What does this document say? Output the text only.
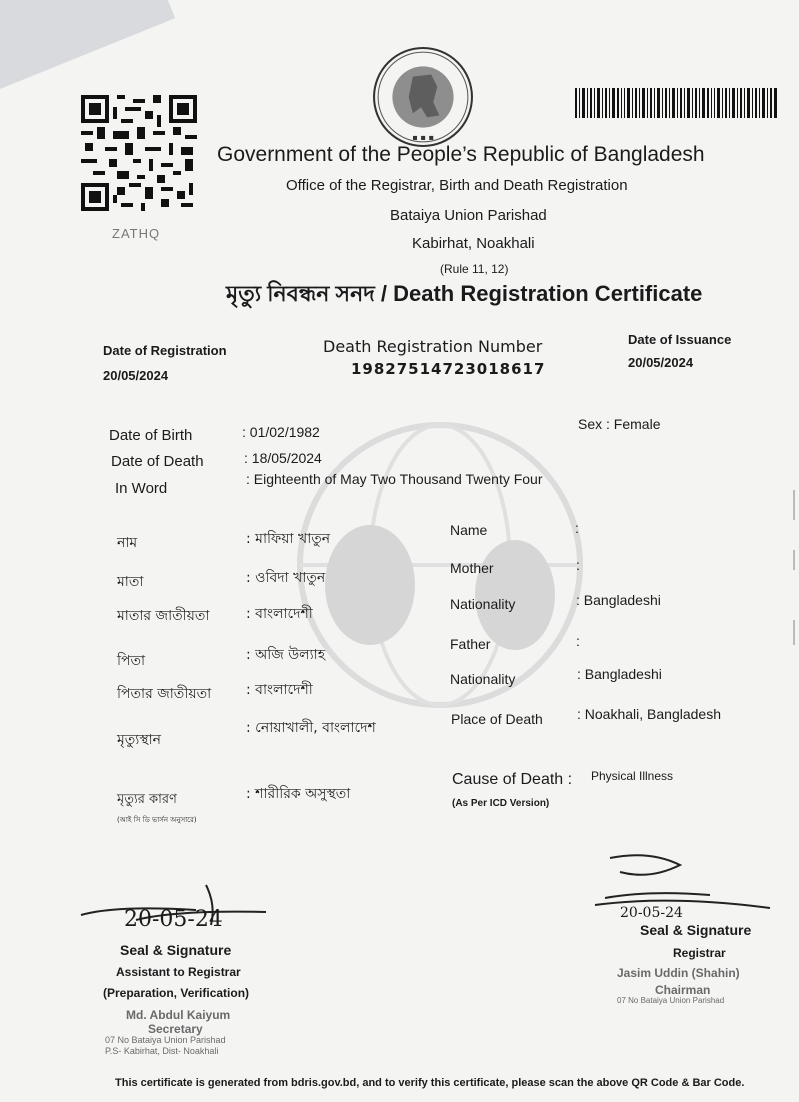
ZATHQ
▪ ▪ ▪
Government of the People’s Republic of Bangladesh
Office of the Registrar, Birth and Death Registration
Bataiya Union Parishad
Kabirhat, Noakhali
(Rule 11, 12)
মৃত্যু নিবন্ধন সনদ / Death Registration Certificate
Date of Registration
20/05/2024
Death Registration Number
19827514723018617
Date of Issuance
20/05/2024
Date of Birth	: 01/02/1982
Date of Death	: 18/05/2024
In Word
: Eighteenth of May Two Thousand Twenty Four
Sex : Female
নাম	: মাফিয়া খাতুন
Name	:
মাতা	: ওবিদা খাতুন
Mother	:
মাতার জাতীয়তা	: বাংলাদেশী
Nationality	: Bangladeshi
পিতা	: অজি উল্যাহ
Father	:
পিতার জাতীয়তা : বাংলাদেশী
Nationality	: Bangladeshi
মৃত্যুস্থান
: নোয়াখালী, বাংলাদেশ
Place of Death : Noakhali, Bangladesh
মৃত্যুর কারণ
(আই সি ডি ভার্সন অনুসারে)
: শারীরিক অসুস্থতা
Cause of Death :
(As Per ICD Version)
Physical Illness
20-05-24
Seal & Signature
Assistant to Registrar
(Preparation, Verification)
Md. Abdul Kaiyum
Secretary
07 No Bataiya Union Parishad
P.S- Kabirhat, Dist- Noakhali
20-05-24
Seal & Signature
Registrar
Jasim Uddin (Shahin)
Chairman
07 No Bataiya Union Parishad
This certificate is generated from bdris.gov.bd, and to verify this certificate, please scan the above QR Code & Bar Code.
